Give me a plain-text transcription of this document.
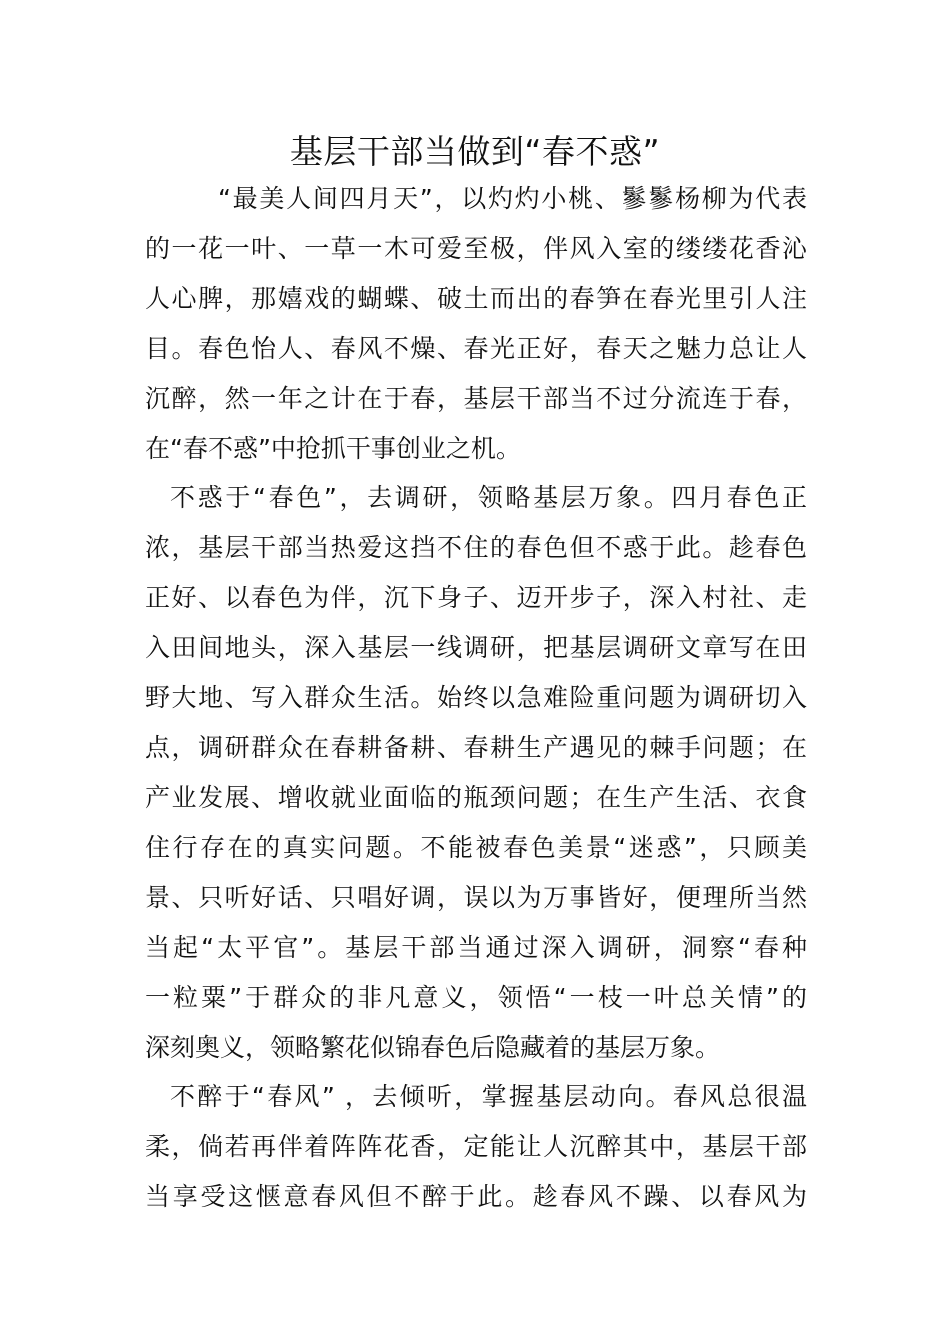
基层干部当做到“春不惑”

“最美人间四月天”，以灼灼小桃、鬖鬖杨柳为代表

的一花一叶、一草一木可爱至极，伴风入室的缕缕花香沁

人心脾，那嬉戏的蝴蝶、破土而出的春笋在春光里引人注

目。春色怡人、春风不燥、春光正好，春天之魅力总让人

沉醉，然一年之计在于春，基层干部当不过分流连于春，

在“春不惑”中抢抓干事创业之机。

不惑于“春色”，去调研，领略基层万象。四月春色正

浓，基层干部当热爱这挡不住的春色但不惑于此。趁春色

正好、以春色为伴，沉下身子、迈开步子，深入村社、走

入田间地头，深入基层一线调研，把基层调研文章写在田

野大地、写入群众生活。始终以急难险重问题为调研切入

点，调研群众在春耕备耕、春耕生产遇见的棘手问题；在

产业发展、增收就业面临的瓶颈问题；在生产生活、衣食

住行存在的真实问题。不能被春色美景“迷惑”，只顾美

景、只听好话、只唱好调，误以为万事皆好，便理所当然

当起“太平官”。基层干部当通过深入调研，洞察“春种

一粒粟”于群众的非凡意义，领悟“一枝一叶总关情”的

深刻奥义，领略繁花似锦春色后隐藏着的基层万象。

不醉于“春风” ，去倾听，掌握基层动向。春风总很温

柔，倘若再伴着阵阵花香，定能让人沉醉其中，基层干部

当享受这惬意春风但不醉于此。趁春风不躁、以春风为
